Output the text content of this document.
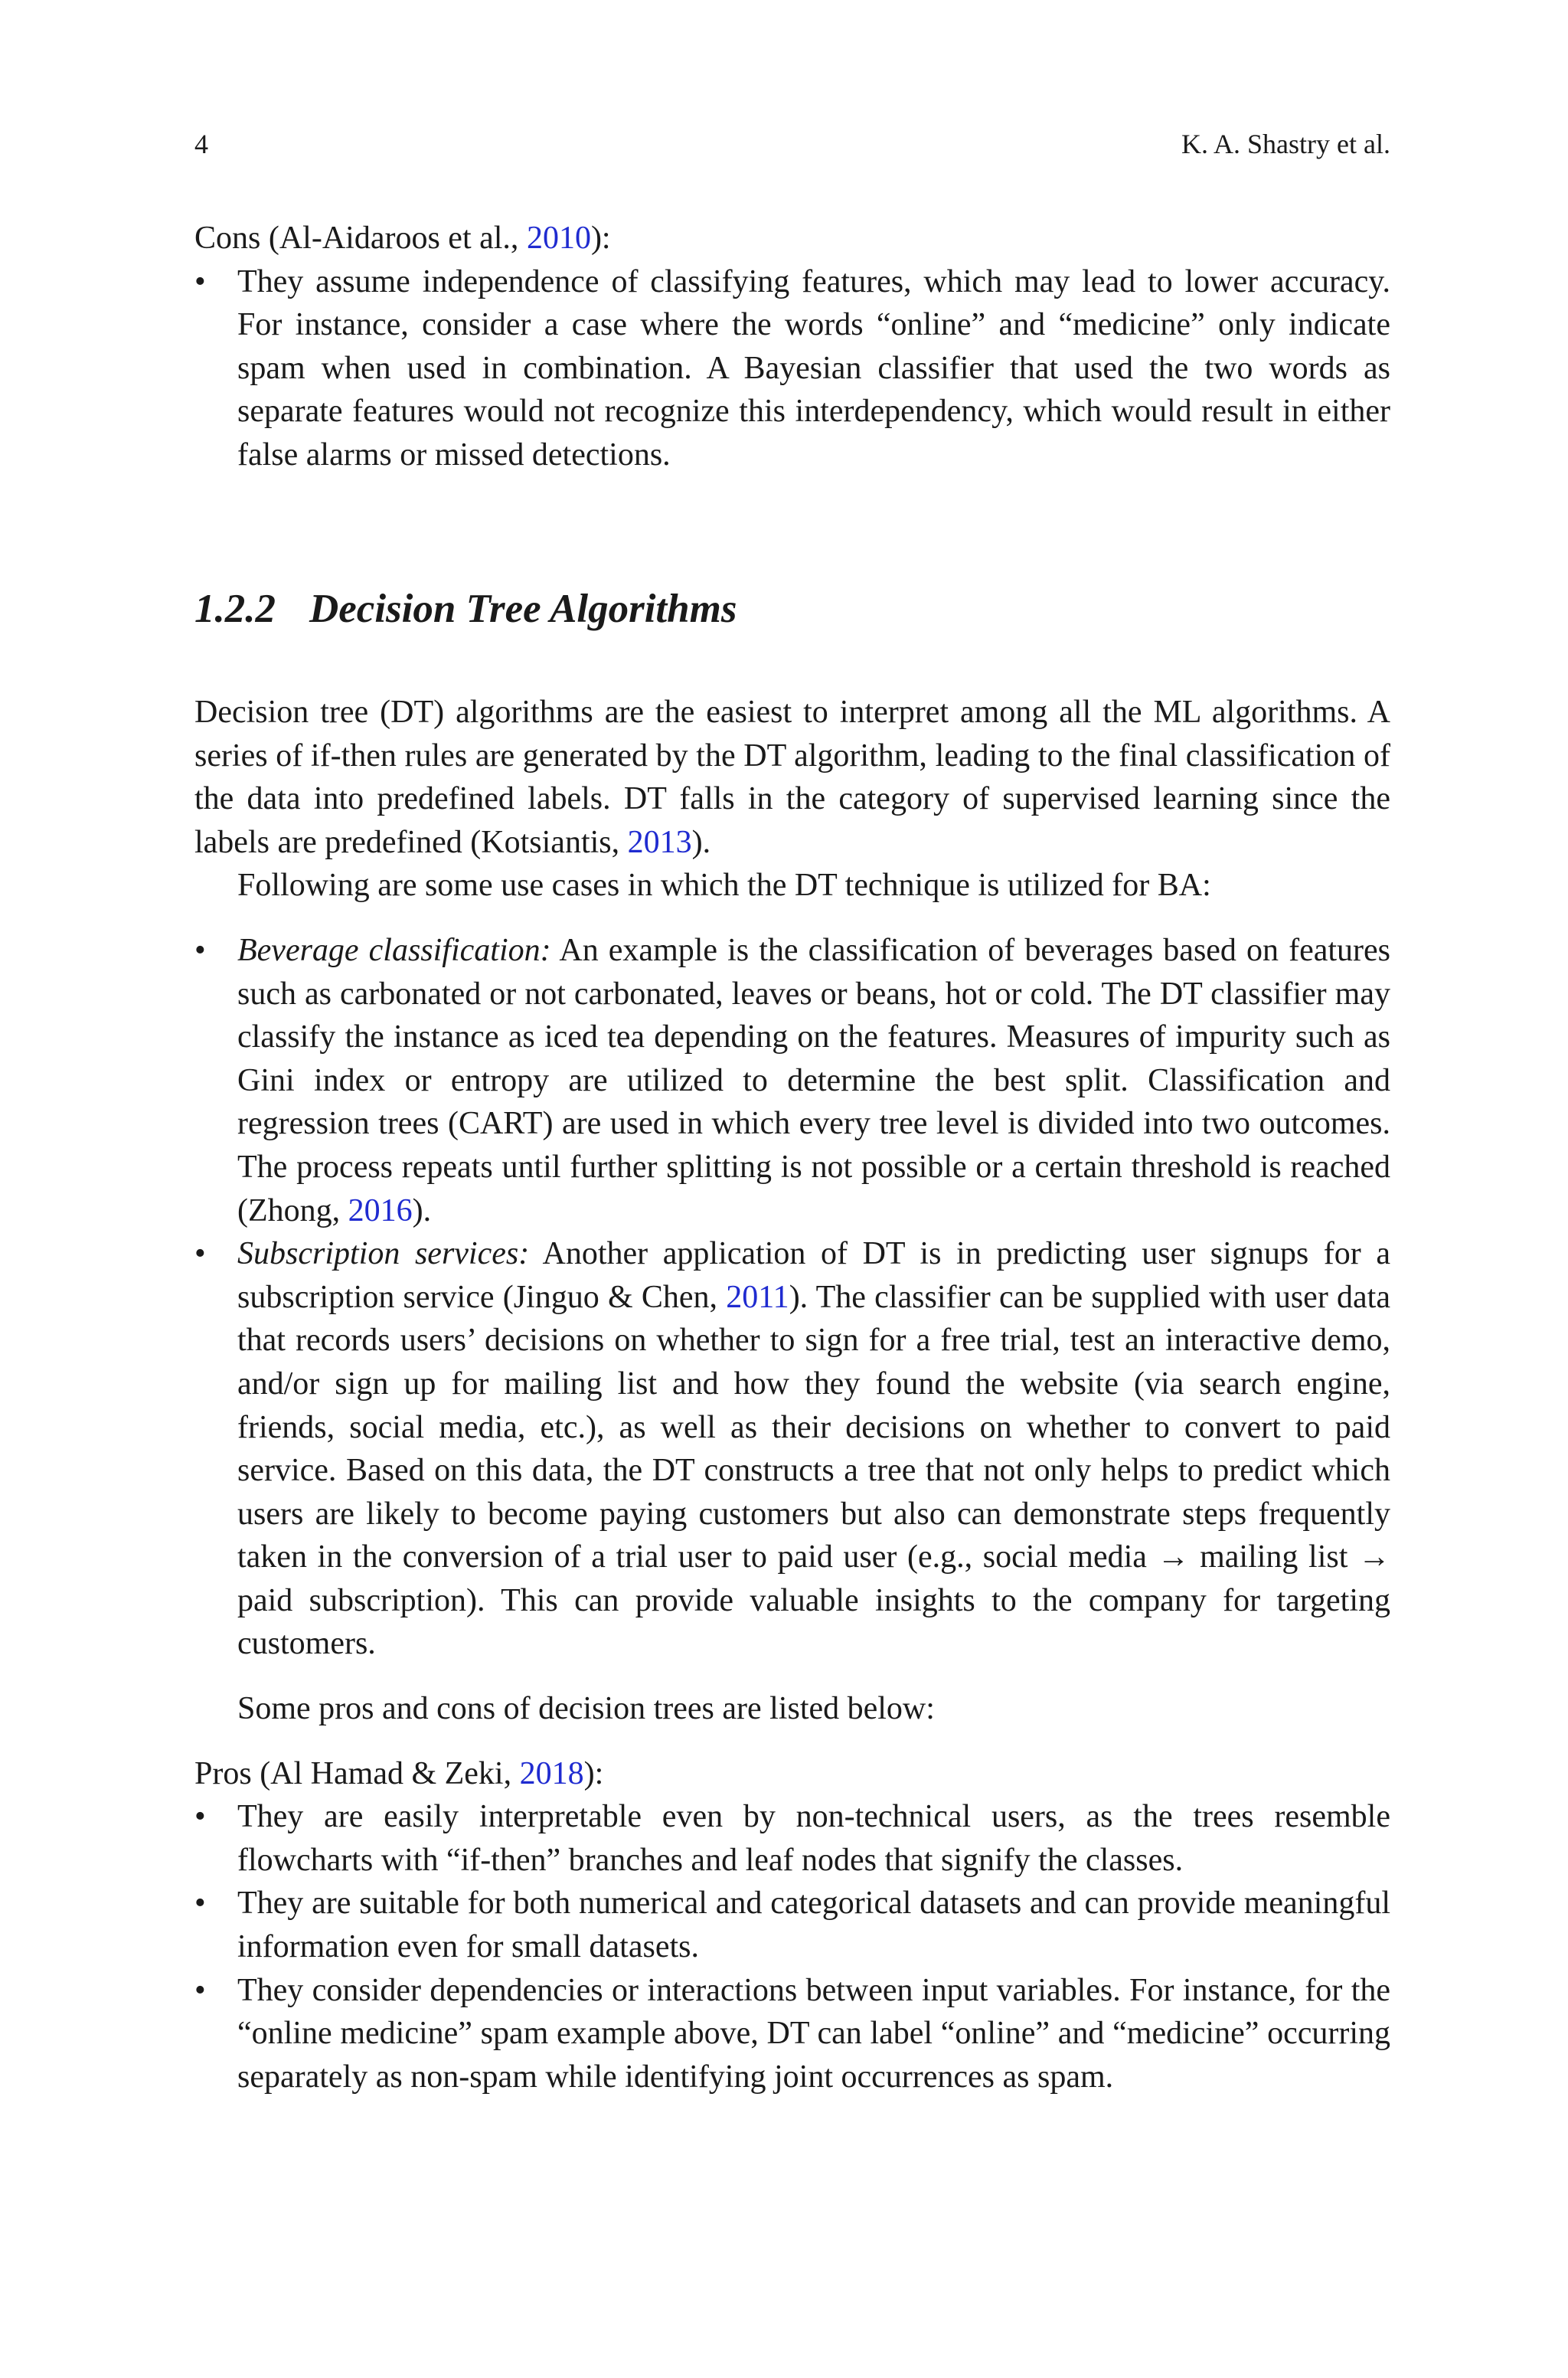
4	K. A. Shastry et al.

Cons (Al-Aidaroos et al., 2010):

• They assume independence of classifying features, which may lead to lower accuracy. For instance, consider a case where the words “online” and “medicine” only indicate spam when used in combination. A Bayesian classifier that used the two words as separate features would not recognize this interdependency, which would result in either false alarms or missed detections.
1.2.2 Decision Tree Algorithms

Decision tree (DT) algorithms are the easiest to interpret among all the ML algorithms. A series of if-then rules are generated by the DT algorithm, leading to the final classification of the data into predefined labels. DT falls in the category of supervised learning since the labels are predefined (Kotsiantis, 2013).

Following are some use cases in which the DT technique is utilized for BA:

• Beverage classification: An example is the classification of beverages based on features such as carbonated or not carbonated, leaves or beans, hot or cold. The DT classifier may classify the instance as iced tea depending on the features. Measures of impurity such as Gini index or entropy are utilized to determine the best split. Classification and regression trees (CART) are used in which every tree level is divided into two outcomes. The process repeats until further splitting is not possible or a certain threshold is reached (Zhong, 2016).
• Subscription services: Another application of DT is in predicting user signups for a subscription service (Jinguo & Chen, 2011). The classifier can be supplied with user data that records users’ decisions on whether to sign for a free trial, test an interactive demo, and/or sign up for mailing list and how they found the website (via search engine, friends, social media, etc.), as well as their decisions on whether to convert to paid service. Based on this data, the DT constructs a tree that not only helps to predict which users are likely to become paying customers but also can demonstrate steps frequently taken in the conversion of a trial user to paid user (e.g., social media → mailing list → paid subscription). This can provide valuable insights to the company for targeting customers.

Some pros and cons of decision trees are listed below:

Pros (Al Hamad & Zeki, 2018):

• They are easily interpretable even by non-technical users, as the trees resemble flowcharts with “if-then” branches and leaf nodes that signify the classes.
• They are suitable for both numerical and categorical datasets and can provide meaningful information even for small datasets.
• They consider dependencies or interactions between input variables. For instance, for the “online medicine” spam example above, DT can label “online” and “medicine” occurring separately as non-spam while identifying joint occurrences as spam.
